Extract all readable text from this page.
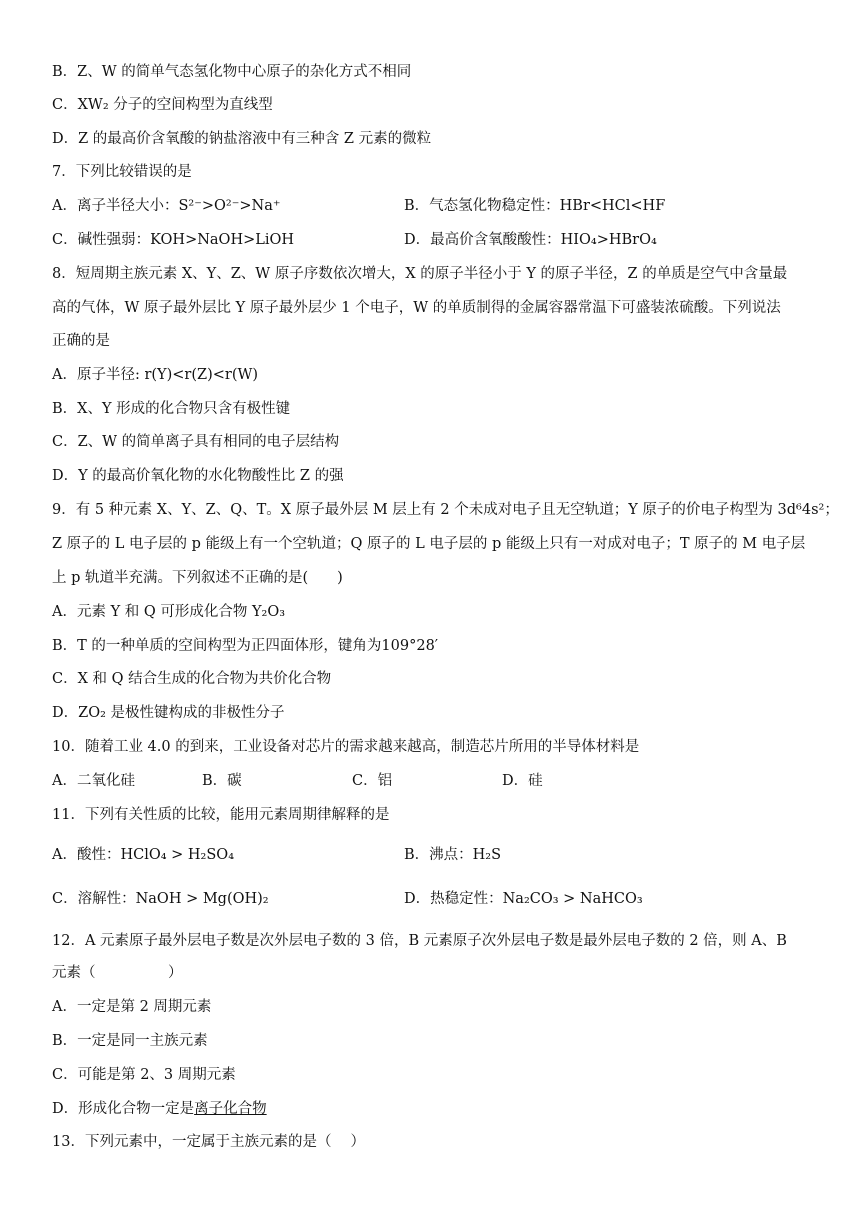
B．Z、W 的简单气态氢化物中心原子的杂化方式不相同
C．XW₂ 分子的空间构型为直线型
D．Z 的最高价含氧酸的钠盐溶液中有三种含 Z 元素的微粒
7．下列比较错误的是
A．离子半径大小：S²⁻>O²⁻>Na⁺	B．气态氢化物稳定性：HBr<HCl<HF
C．碱性强弱：KOH>NaOH>LiOH	D．最高价含氧酸酸性：HIO₄>HBrO₄
8．短周期主族元素 X、Y、Z、W 原子序数依次增大，X 的原子半径小于 Y 的原子半径，Z 的单质是空气中含量最
高的气体，W 原子最外层比 Y 原子最外层少 1 个电子，W 的单质制得的金属容器常温下可盛装浓硫酸。下列说法
正确的是
A．原子半径: r(Y)<r(Z)<r(W)
B．X、Y 形成的化合物只含有极性键
C．Z、W 的简单离子具有相同的电子层结构
D．Y 的最高价氧化物的水化物酸性比 Z 的强
9．有 5 种元素 X、Y、Z、Q、T。X 原子最外层 M 层上有 2 个未成对电子且无空轨道；Y 原子的价电子构型为 3d⁶4s²；
Z 原子的 L 电子层的 p 能级上有一个空轨道；Q 原子的 L 电子层的 p 能级上只有一对成对电子；T 原子的 M 电子层
上 p 轨道半充满。下列叙述不正确的是(　　)
A．元素 Y 和 Q 可形成化合物 Y₂O₃
B．T 的一种单质的空间构型为正四面体形，键角为109°28′
C．X 和 Q 结合生成的化合物为共价化合物
D．ZO₂ 是极性键构成的非极性分子
10．随着工业 4.0 的到来，工业设备对芯片的需求越来越高，制造芯片所用的半导体材料是
A．二氧化硅	B．碳	C．铝	D．硅
11．下列有关性质的比较，能用元素周期律解释的是
A．酸性：HClO₄ > H₂SO₄	B．沸点：H₂S
C．溶解性：NaOH > Mg(OH)₂	D．热稳定性：Na₂CO₃ > NaHCO₃
12．A 元素原子最外层电子数是次外层电子数的 3 倍，B 元素原子次外层电子数是最外层电子数的 2 倍，则 A、B
元素（　　　　　）
A．一定是第 2 周期元素
B．一定是同一主族元素
C．可能是第 2、3 周期元素
D．形成化合物一定是离子化合物
13．下列元素中，一定属于主族元素的是（　 ）
